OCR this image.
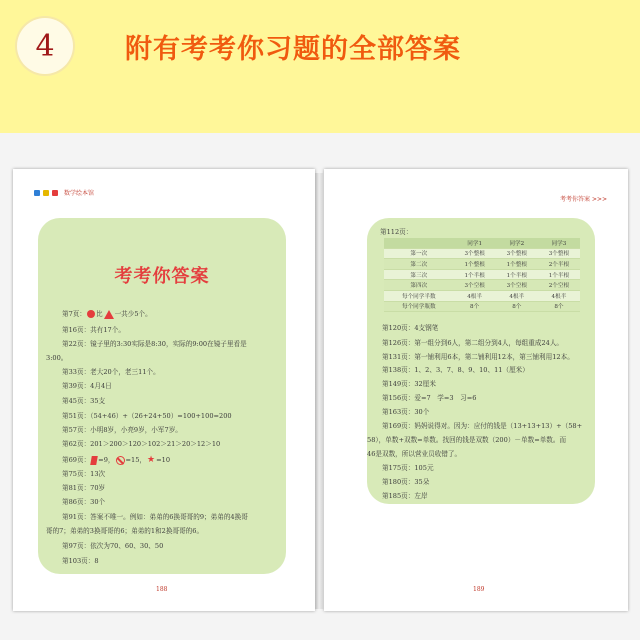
4	附有考考你习题的全部答案
数学绘本馆
考考你答案 >>>
考考你答案
第7页： 比 一共少5个。
第16页：共有17个。
第22页：镜子里的3:30实际是8:30，实际的9:00在镜子里看是
3:00。
第33页：老大20个，老三11个。
第39页：4月4日
第45页：35支
第51页：（54+46）+（26+24+50）=100+100=200
第57页：小明8岁，小亮9岁，小军7岁。
第62页：201＞200＞120＞102＞21＞20＞12＞10
第69页： =9， =15，★=10
第75页：13次
第81页：70岁
第86页：30个
第91页：答案不唯一。例如：弟弟的6换哥哥的9；弟弟的4换哥
哥的7；弟弟的3换哥哥的6；弟弟的1和2换哥哥的6。
第97页：依次为70、60、30、50
第103页：8
188
第112页：
	同学1	同学2	同学3
第一次	3个整根	3个整根	3个整根
第二次	1个整根	1个整根	2个半根
第三次	1个半根	1个半根	1个半根
第四次	3个空根	3个空根	2个空根
每个同学半数	4根半	4根半	4根半
每个同学瓶数	8个	8个	8个
第120页：4支钢笔
第126页：第一组分到6人，第二组分到4人，每组重成24人。
第131页：第一铺利用6本，第二铺利用12本，第三铺利用12本。
第138页：1、2、3、7、8、9、10、11（厘米）
第149页：32厘米
第156页：爱=7　学=3　习=6
第163页：30个
第169页：妈妈说得对。因为：应付的钱是（13+13+13）+（58+
58），单数+双数=单数。找回的钱是双数（200）－单数=单数。而
46是双数，所以营业员收错了。
第175页：105元
第180页：35朵
第185页：左岸
189
